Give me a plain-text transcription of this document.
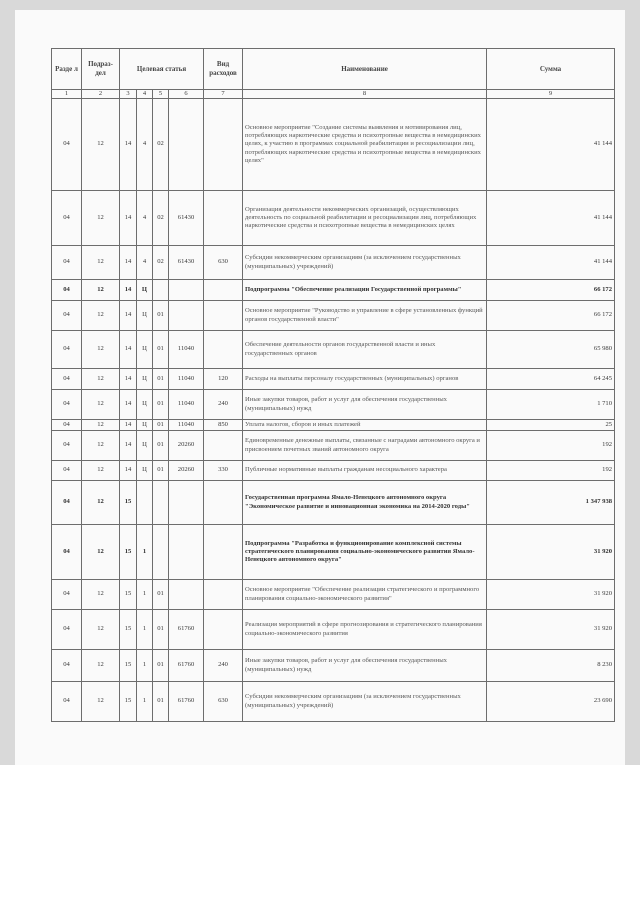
Разде л	Подраз- дел	Целевая статья				Вид расходов	Наименование	Сумма
1	2	3	4	5	6	7	8	9
04	12	14	4	02			Основное мероприятие "Создание системы выявления и мотивирования лиц, потребляющих наркотические средства и психотропные вещества в немедицинских целях, к участию в программах социальной реабилитации и ресоциализации лиц, потребляющих наркотические средства и психотропные вещества в немедицинских целях"	41 144
04	12	14	4	02	61430		Организация деятельности некоммерческих организаций, осуществляющих деятельность по социальной реабилитации и ресоциализации лиц, потребляющих наркотические средства и психотропные вещества в немедицинских целях	41 144
04	12	14	4	02	61430	630	Субсидии некоммерческим организациям (за исключением государственных (муниципальных) учреждений)	41 144
04	12	14	Ц				Подпрограмма "Обеспечение реализации Государственной программы"	66 172
04	12	14	Ц	01			Основное мероприятие "Руководство и управление в сфере установленных функций органов государственной власти"	66 172
04	12	14	Ц	01	11040		Обеспечение деятельности органов государственной власти и иных государственных органов	65 980
04	12	14	Ц	01	11040	120	Расходы на выплаты персоналу государственных (муниципальных) органов	64 245
04	12	14	Ц	01	11040	240	Иные закупки товаров, работ и услуг для обеспечения государственных (муниципальных) нужд	1 710
04	12	14	Ц	01	11040	850	Уплата налогов, сборов и иных платежей	25
04	12	14	Ц	01	20260		Единовременные денежные выплаты, связанные с наградами автономного округа и присвоением почетных званий автономного округа	192
04	12	14	Ц	01	20260	330	Публичные нормативные выплаты гражданам несоциального характера	192
04	12	15					Государственная программа Ямало-Ненецкого автономного округа "Экономическое развитие и инновационная экономика на 2014-2020 годы"	1 347 938
04	12	15	1				Подпрограмма "Разработка и функционирование комплексной системы стратегического планирования социально-экономического развития Ямало-Ненецкого автономного округа"	31 920
04	12	15	1	01			Основное мероприятие "Обеспечение реализации стратегического и программного планирования социально-экономического развития"	31 920
04	12	15	1	01	61760		Реализация мероприятий в сфере прогнозирования и стратегического планирования социально-экономического развития	31 920
04	12	15	1	01	61760	240	Иные закупки товаров, работ и услуг для обеспечения государственных (муниципальных) нужд	8 230
04	12	15	1	01	61760	630	Субсидии некоммерческим организациям (за исключением государственных (муниципальных) учреждений)	23 690
